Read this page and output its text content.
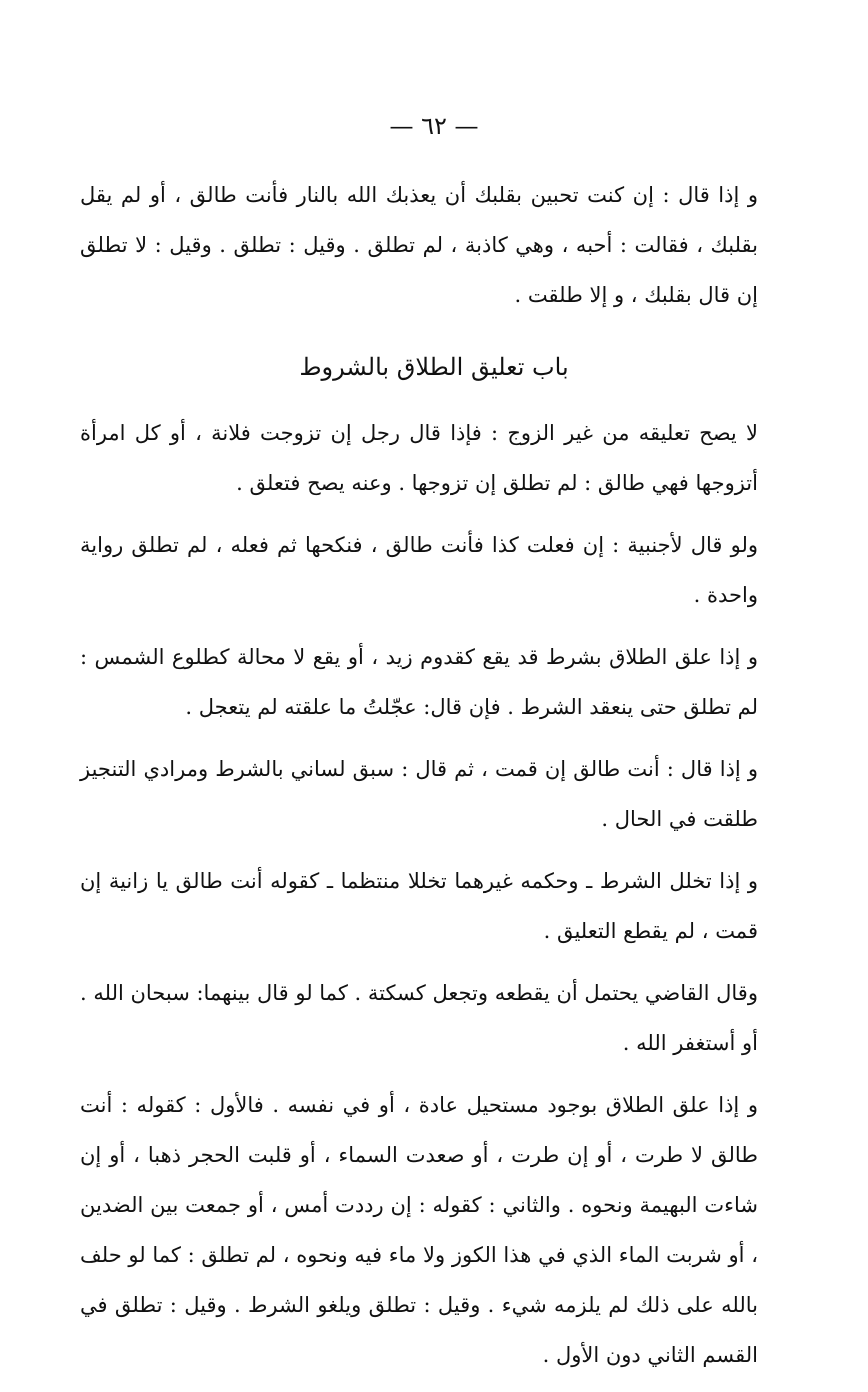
— ٦٢ —

و إذا قال : إن كنت تحبين بقلبك أن يعذبك الله بالنار فأنت طالق ، أو لم يقل بقلبك ، فقالت : أحبه ، وهي كاذبة ، لم تطلق . وقيل : تطلق . وقيل : لا تطلق إن قال بقلبك ، و إلا طلقت .

باب تعليق الطلاق بالشروط

لا يصح تعليقه من غير الزوج : فإذا قال رجل إن تزوجت فلانة ، أو كل امرأة أتزوجها فهي طالق : لم تطلق إن تزوجها . وعنه يصح فتعلق .

ولو قال لأجنبية : إن فعلت كذا فأنت طالق ، فنكحها ثم فعله ، لم تطلق رواية واحدة .

و إذا علق الطلاق بشرط قد يقع كقدوم زيد ، أو يقع لا محالة كطلوع الشمس : لم تطلق حتى ينعقد الشرط . فإن قال: عجّلتُ ما علقته لم يتعجل .

و إذا قال : أنت طالق إن قمت ، ثم قال : سبق لساني بالشرط ومرادي التنجيز طلقت في الحال .

و إذا تخلل الشرط ـ وحكمه غيرهما تخللا منتظما ـ كقوله أنت طالق يا زانية إن قمت ، لم يقطع التعليق .

وقال القاضي يحتمل أن يقطعه وتجعل كسكتة . كما لو قال بينهما: سبحان الله . أو أستغفر الله .

و إذا علق الطلاق بوجود مستحيل عادة ، أو في نفسه . فالأول : كقوله : أنت طالق لا طرت ، أو إن طرت ، أو صعدت السماء ، أو قلبت الحجر ذهبا ، أو إن شاءت البهيمة ونحوه . والثاني : كقوله : إن رددت أمس ، أو جمعت بين الضدين ، أو شربت الماء الذي في هذا الكوز ولا ماء فيه ونحوه ، لم تطلق : كما لو حلف بالله على ذلك لم يلزمه شيء . وقيل : تطلق ويلغو الشرط . وقيل : تطلق في القسم الثاني دون الأول .
